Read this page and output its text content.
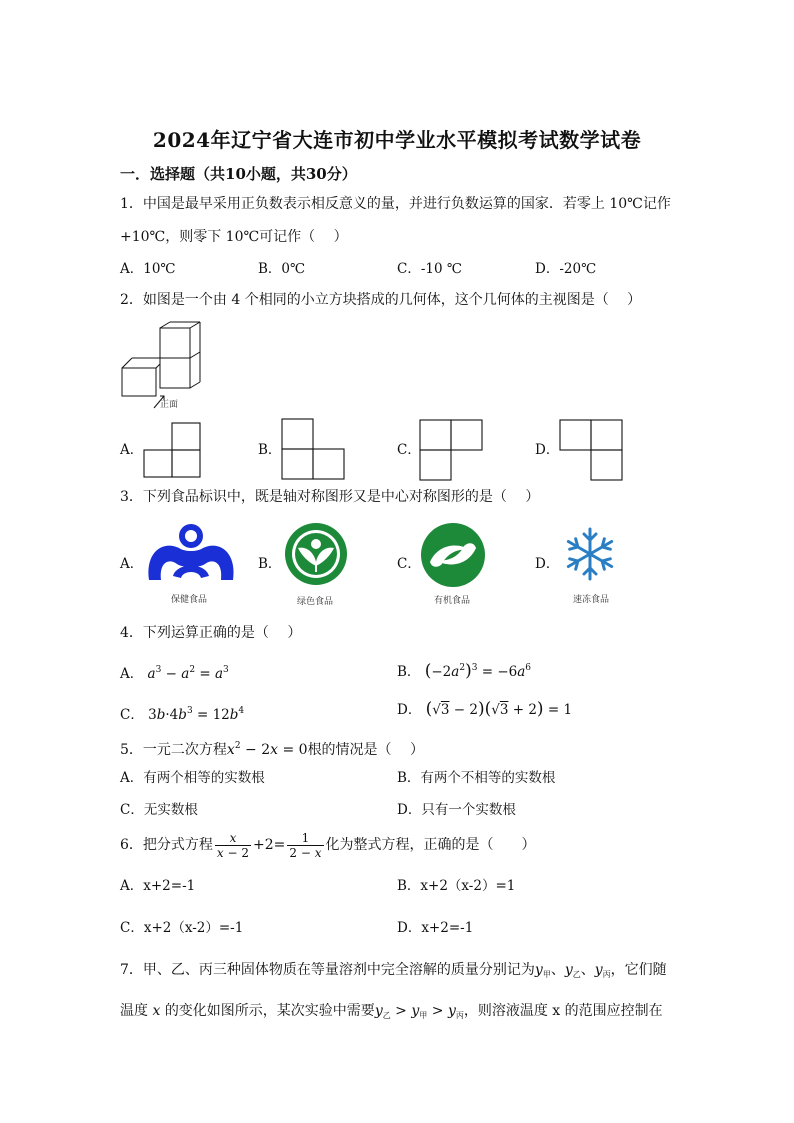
2024年辽宁省大连市初中学业水平模拟考试数学试卷
一．选择题（共10小题，共30分）
1．中国是最早采用正负数表示相反意义的量，并进行负数运算的国家．若零上 10℃记作
+10℃，则零下 10℃可记作（　 ）
A．10℃	B．0℃	C．-10 ℃	D．-20℃
2．如图是一个由 4 个相同的小立方块搭成的几何体，这个几何体的主视图是（　 ）
正面
A．	B．	C．	D．
3．下列食品标识中，既是轴对称图形又是中心对称图形的是（　 ）
A．
保健食品
B．
绿色食品
C．
有机食品
D．
速冻食品
4．下列运算正确的是（　 ）
A． $a^3 - a^2 = a^3$	B． $(-2a^2)^3 = -6a^6$
C． $3b\cdot 4b^3 = 12b^4$	D． (√3 − 2)(√3 + 2) = 1
5．一元二次方程$x^2 - 2x = 0$根的情况是（　 ）
A．有两个相等的实数根	B．有两个不相等的实数根
C．无实数根	D．只有一个实数根
6．把分式方程 $\frac{x}{x - 2} +2= \frac{1}{2 - x}$ 化为整式方程，正确的是（　　）
A．x+2=-1	B．x+2（x-2）=1
C．x+2（x-2）=-1	D．x+2=-1
7．甲、乙、丙三种固体物质在等量溶剂中完全溶解的质量分别记为$y_甲$、$y_乙$、$y_丙$，它们随
温度 x 的变化如图所示，某次实验中需要$y_乙 > y_甲 > y_丙$，则溶液温度 x 的范围应控制在
